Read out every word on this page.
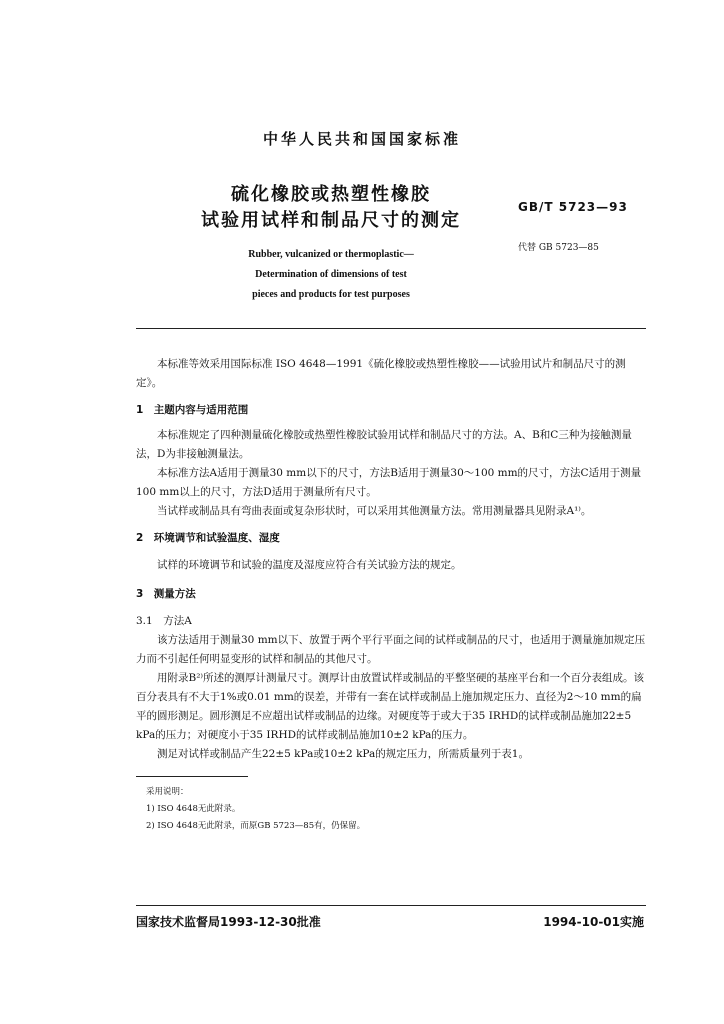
中华人民共和国国家标准
硫化橡胶或热塑性橡胶
试验用试样和制品尺寸的测定
GB/T 5723—93
代替 GB 5723—85
Rubber, vulcanized or thermoplastic—
Determination of dimensions of test
pieces and products for test purposes

本标准等效采用国际标准 ISO 4648—1991《硫化橡胶或热塑性橡胶——试验用试片和制品尺寸的测定》。

1　主题内容与适用范围

本标准规定了四种测量硫化橡胶或热塑性橡胶试验用试样和制品尺寸的方法。A、B和C三种为接触测量法，D为非接触测量法。

本标准方法A适用于测量30 mm以下的尺寸，方法B适用于测量30～100 mm的尺寸，方法C适用于测量100 mm以上的尺寸，方法D适用于测量所有尺寸。

当试样或制品具有弯曲表面或复杂形状时，可以采用其他测量方法。常用测量器具见附录A¹⁾。

2　环境调节和试验温度、湿度

试样的环境调节和试验的温度及湿度应符合有关试验方法的规定。

3　测量方法
3.1　方法A

该方法适用于测量30 mm以下、放置于两个平行平面之间的试样或制品的尺寸，也适用于测量施加规定压力而不引起任何明显变形的试样和制品的其他尺寸。

用附录B²⁾所述的测厚计测量尺寸。测厚计由放置试样或制品的平整坚硬的基座平台和一个百分表组成。该百分表具有不大于1%或0.01 mm的误差，并带有一套在试样或制品上施加规定压力、直径为2～10 mm的扁平的圆形测足。圆形测足不应超出试样或制品的边缘。对硬度等于或大于35 IRHD的试样或制品施加22±5 kPa的压力；对硬度小于35 IRHD的试样或制品施加10±2 kPa的压力。

测足对试样或制品产生22±5 kPa或10±2 kPa的规定压力，所需质量列于表1。

采用说明：
1) ISO 4648无此附录。
2) ISO 4648无此附录，而原GB 5723—85有，仍保留。
国家技术监督局1993-12-30批准	1994-10-01实施
